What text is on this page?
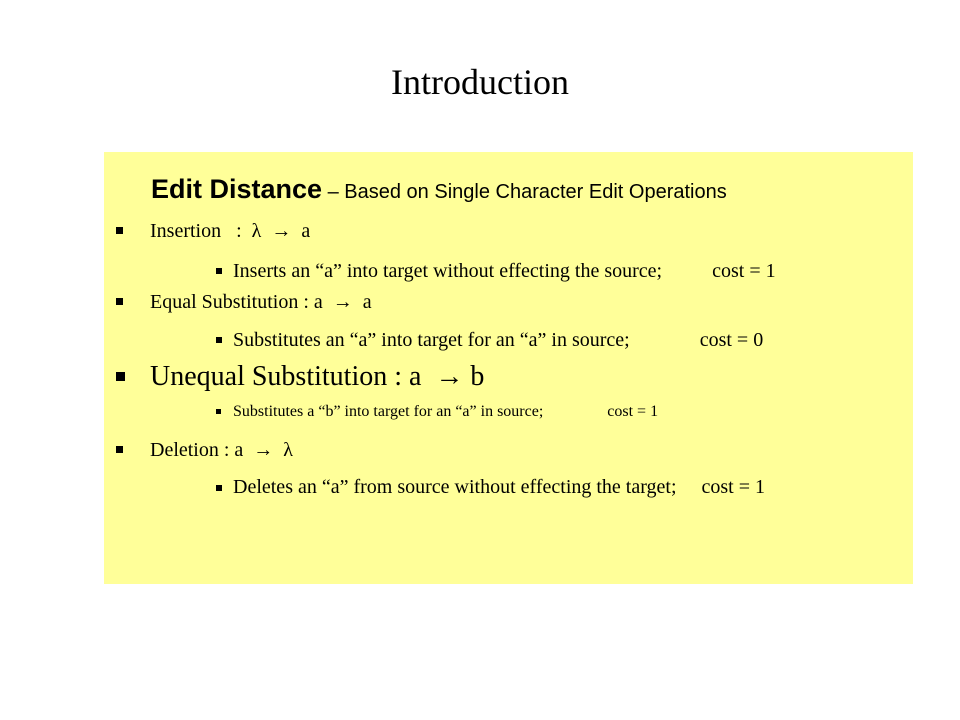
Introduction
Edit Distance – Based on Single Character Edit Operations
Insertion   :  λ  →  a
Inserts an “a” into target without effecting the source;          cost = 1
Equal Substitution : a  →  a
Substitutes an “a” into target for an “a” in source;              cost = 0
Unequal Substitution : a  → b
Substitutes a “b” into target for an “a” in source;                cost = 1
Deletion : a  →  λ
Deletes an “a” from source without effecting the target;     cost = 1
